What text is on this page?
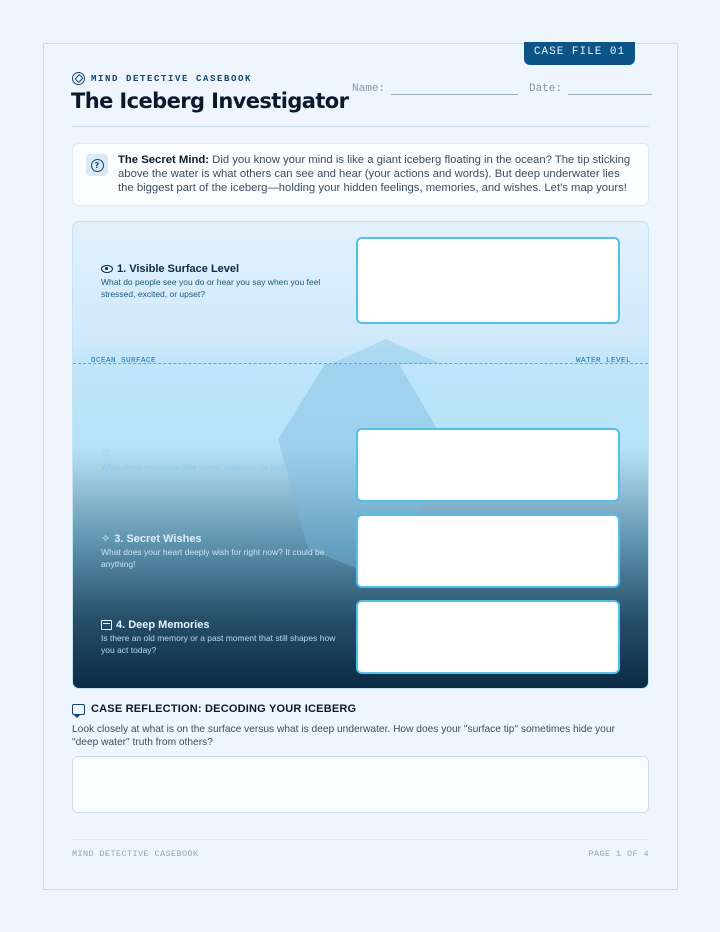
CASE FILE 01
MIND DETECTIVE CASEBOOK
The Iceberg Investigator Name:	Date:
?	The Secret Mind: Did you know your mind is like a giant iceberg floating in the ocean? The tip sticking above the water is what others can see and hear (your actions and words). But deep underwater lies the biggest part of the iceberg—holding your hidden feelings, memories, and wishes. Let's map yours!

OCEAN SURFACE	WATER LEVEL
1. Visible Surface Level
What do people see you do or hear you say when you feel stressed, excited, or upset?
♡
What deep emotions (like worry, sadness, or joy) are hiding under your surface behavior?
✧ 3. Secret Wishes
What does your heart deeply wish for right now? It could be anything!
4. Deep Memories
Is there an old memory or a past moment that still shapes how you act today?
CASE REFLECTION: DECODING YOUR ICEBERG
Look closely at what is on the surface versus what is deep underwater. How does your "surface tip" sometimes hide your "deep water" truth from others?
MIND DETECTIVE CASEBOOK	PAGE 1 OF 4
